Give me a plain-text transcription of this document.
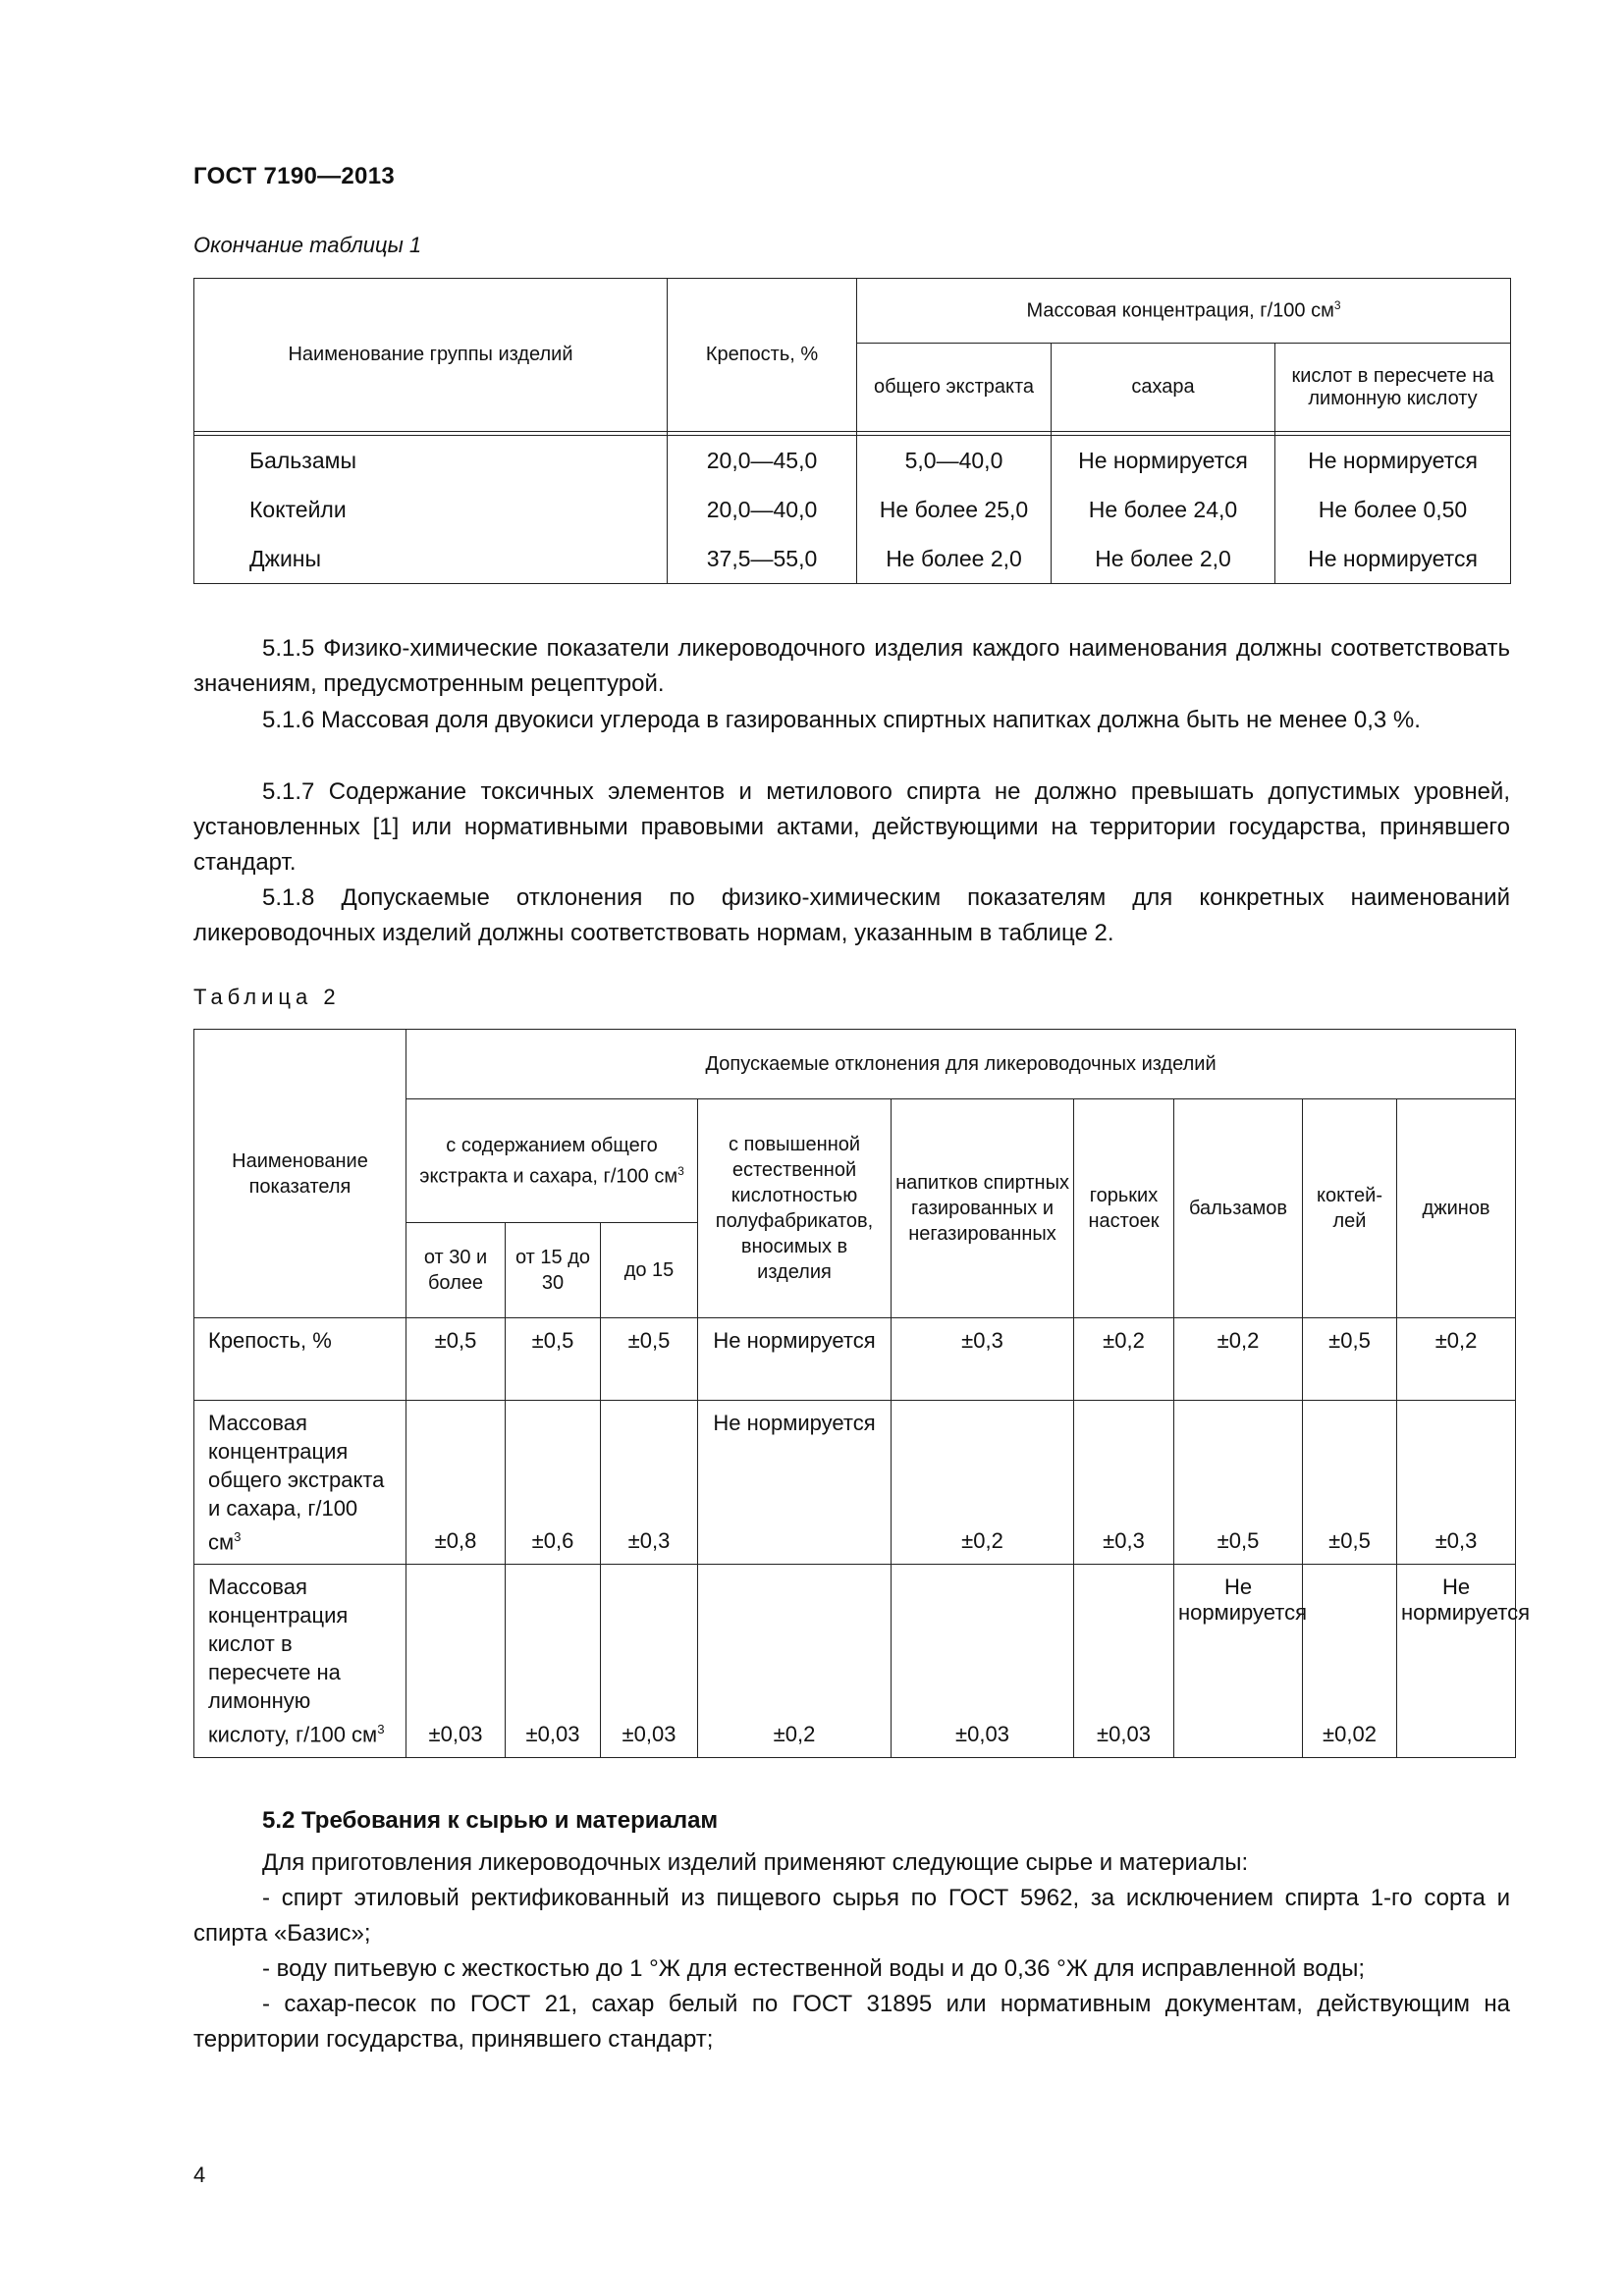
ГОСТ 7190—2013
Окончание таблицы 1
Наименование группы изделий	Крепость, %	Массовая концентрация, г/100 $см^3$
		общего экстракта	сахара	кислот в пересчете на лимонную кислоту

Бальзамы	20,0—45,0	5,0—40,0	Не нормируется	Не нормируется
Коктейли	20,0—40,0	Не более 25,0	Не более 24,0	Не более 0,50
Джины	37,5—55,0	Не более 2,0	Не более 2,0	Не нормируется
5.1.5 Физико-химические показатели ликероводочного изделия каждого наименования должны соответствовать значениям, предусмотренным рецептурой.
5.1.6 Массовая доля двуокиси углерода в газированных спиртных напитках должна быть не менее 0,3 %.
5.1.7 Содержание токсичных элементов и метилового спирта не должно превышать допустимых уровней, установленных [1] или нормативными правовыми актами, действующими на территории государства, принявшего стандарт.
5.1.8 Допускаемые отклонения по физико-химическим показателям для конкретных наименований ликероводочных изделий должны соответствовать нормам, указанным в таблице 2.
Таблица 2
Наименование показателя	Допускаемые отклонения для ликероводочных изделий								
	с содержанием общего экстракта и сахара, г/100 $см^3$			с повышенной естественной кислотностью полуфабрикатов, вносимых в изделия	напитков спиртных газированных и негазированных	горьких настоек	бальзамов	коктей-лей	джинов
	от 30 и более	от 15 до 30	до 15						
Крепость, %	±0,5	±0,5	±0,5	Не нормируется	±0,3	±0,2	±0,2	±0,5	±0,2
Массовая концентрация общего экстракта и сахара, г/100 $см^3$	±0,8	±0,6	±0,3	Не нормируется	±0,2	±0,3	±0,5	±0,5	±0,3
Массовая концентрация кислот в пересчете на лимонную кислоту, г/100 $см^3$	±0,03	±0,03	±0,03	±0,2	±0,03	±0,03	Не нормируется	±0,02	Не нормируется
5.2 Требования к сырью и материалам
Для приготовления ликероводочных изделий применяют следующие сырье и материалы:
- спирт этиловый ректификованный из пищевого сырья по ГОСТ 5962, за исключением спирта 1-го сорта и спирта «Базис»;
- воду питьевую с жесткостью до 1 °Ж для естественной воды и до 0,36 °Ж для исправленной воды;
- сахар-песок по ГОСТ 21, сахар белый по ГОСТ 31895 или нормативным документам, действующим на территории государства, принявшего стандарт;
4
